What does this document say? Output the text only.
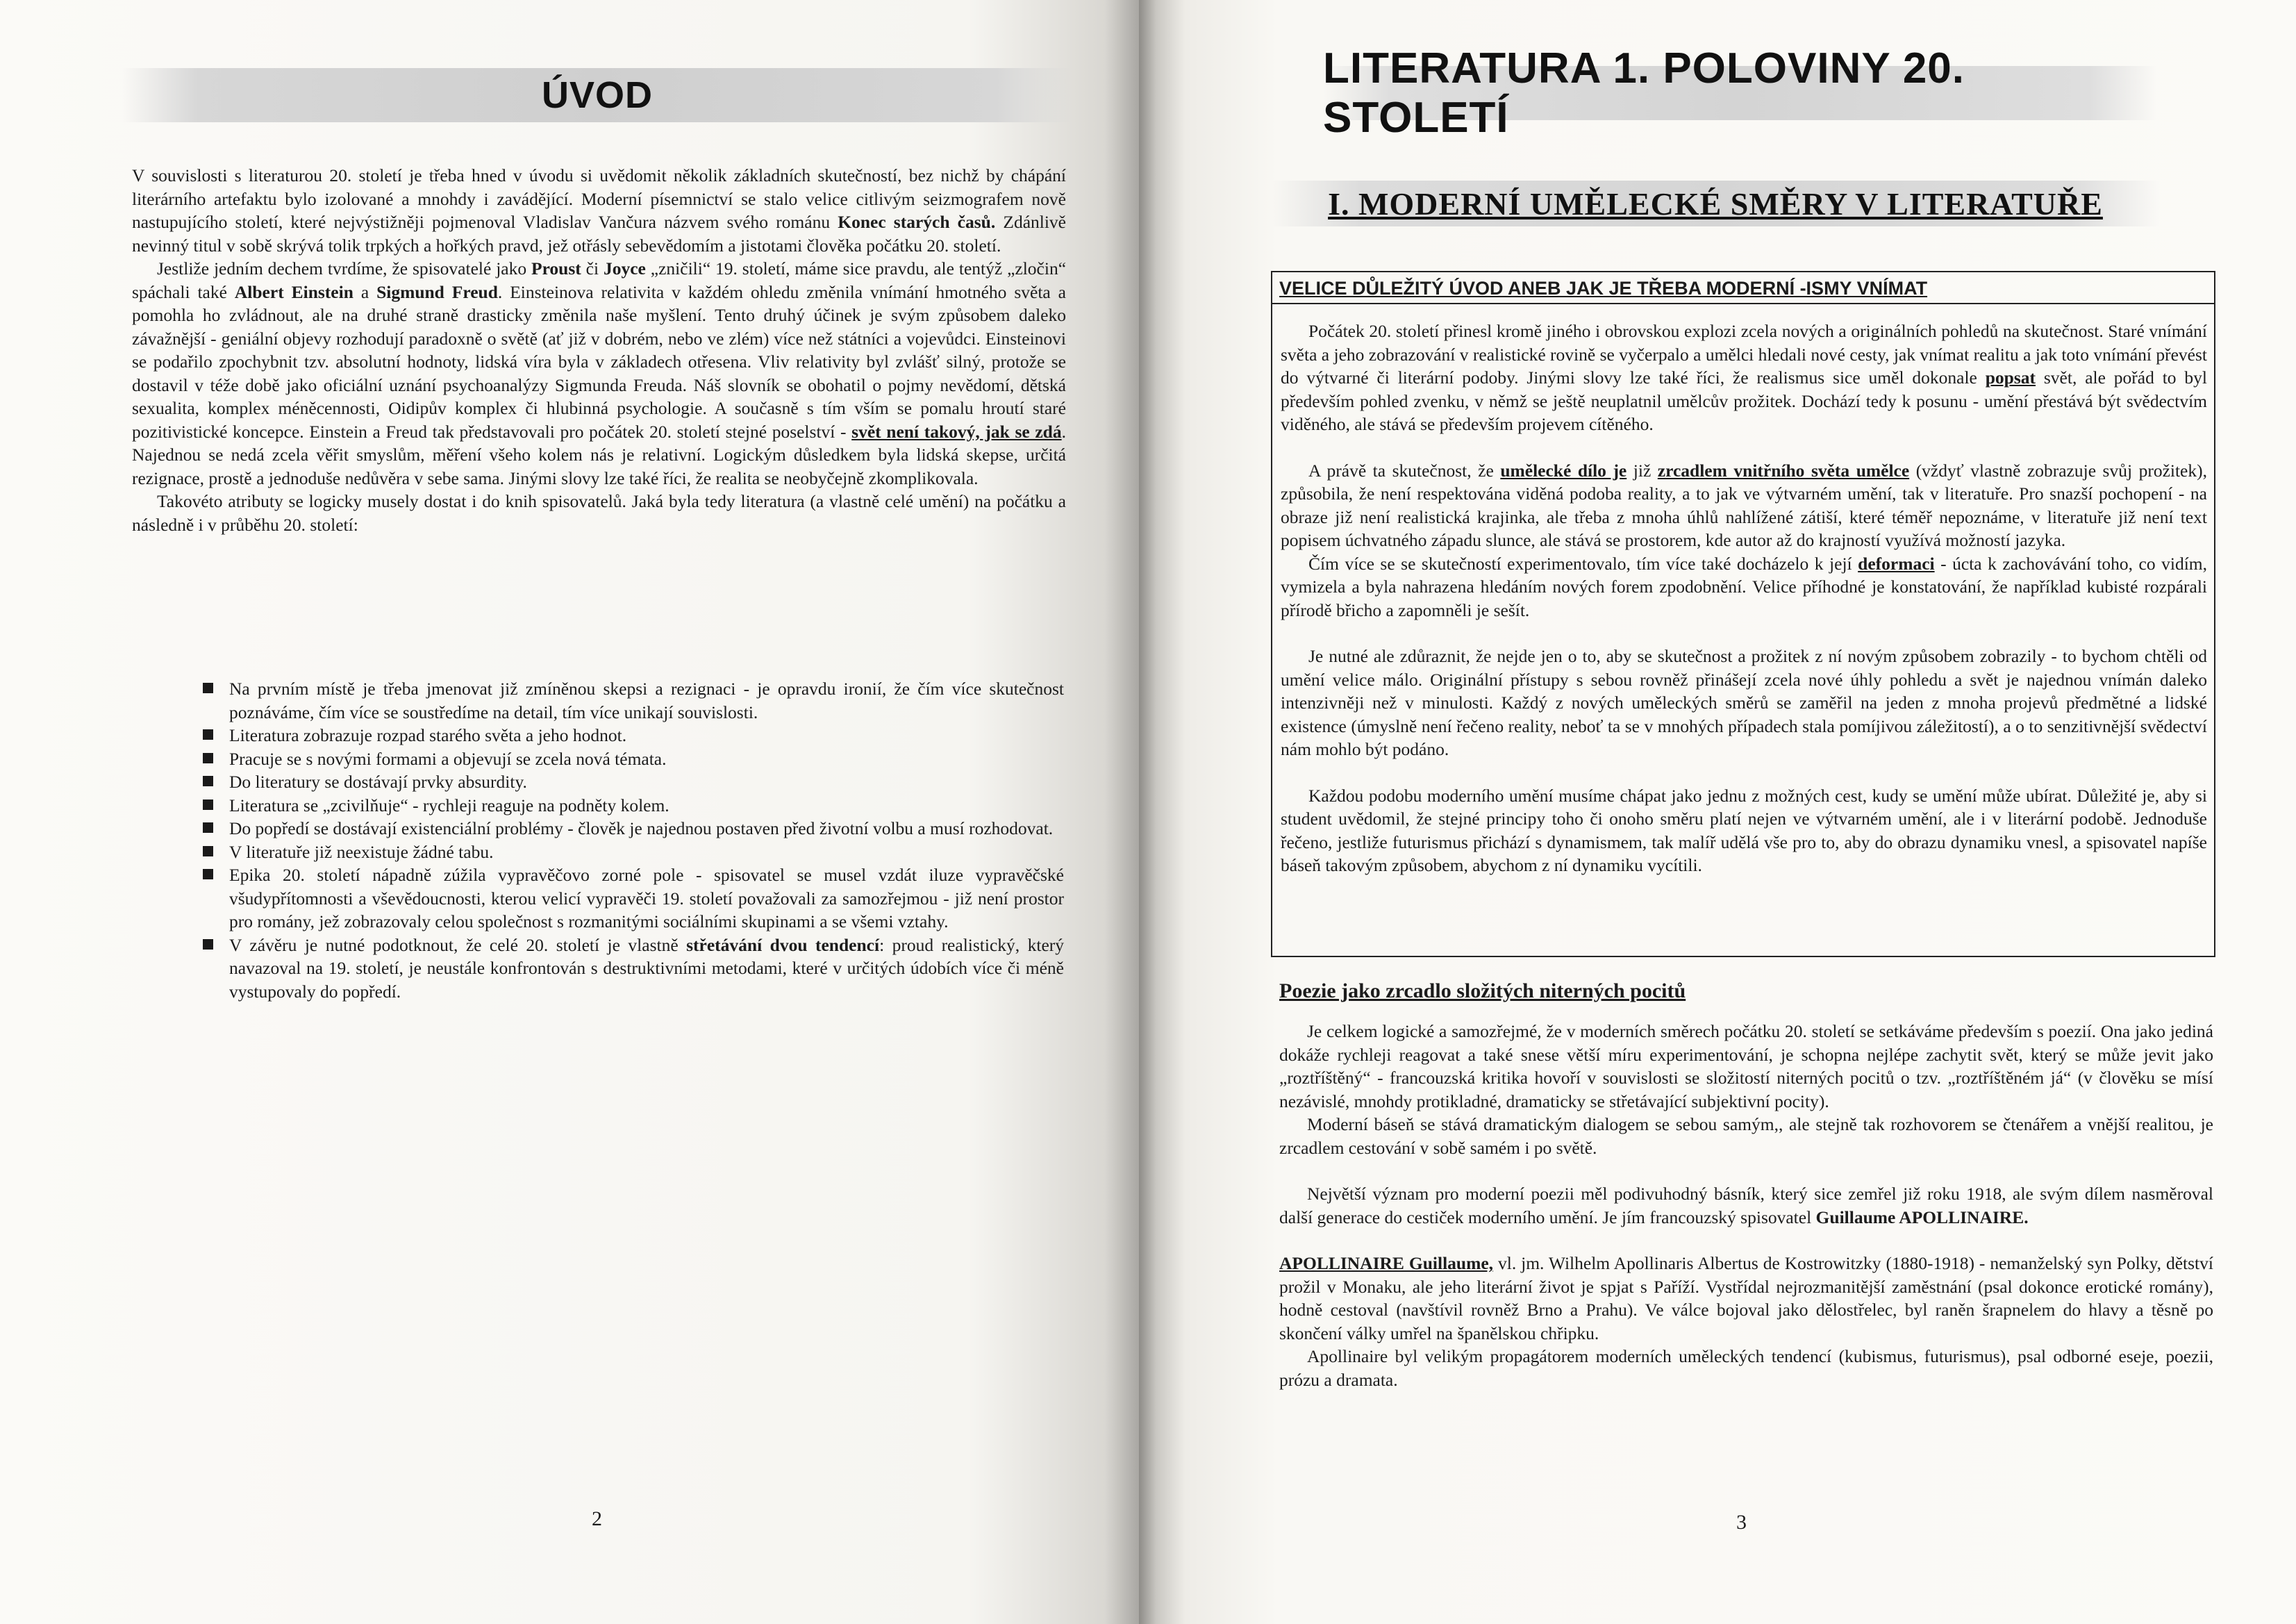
ÚVOD

V souvislosti s literaturou 20. století je třeba hned v úvodu si uvědomit několik základních skutečností, bez nichž by chápání literárního artefaktu bylo izolované a mnohdy i zavádějící. Moderní písemnictví se stalo velice citlivým seizmografem nově nastupujícího století, které nejvýstižněji pojmenoval Vladislav Vančura názvem svého románu Konec starých časů. Zdánlivě nevinný titul v sobě skrývá tolik trpkých a hořkých pravd, jež otřásly sebevědomím a jistotami člověka počátku 20. století.

Jestliže jedním dechem tvrdíme, že spisovatelé jako Proust či Joyce „zničili“ 19. století, máme sice pravdu, ale tentýž „zločin“ spáchali také Albert Einstein a Sigmund Freud. Einsteinova relativita v každém ohledu změnila vnímání hmotného světa a pomohla ho zvládnout, ale na druhé straně drasticky změnila naše myšlení. Tento druhý účinek je svým způsobem daleko závažnější - geniální objevy rozhodují paradoxně o světě (ať již v dobrém, nebo ve zlém) více než státníci a vojevůdci. Einsteinovi se podařilo zpochybnit tzv. absolutní hodnoty, lidská víra byla v základech otřesena. Vliv relativity byl zvlášť silný, protože se dostavil v téže době jako oficiální uznání psychoanalýzy Sigmunda Freuda. Náš slovník se obohatil o pojmy nevědomí, dětská sexualita, komplex méněcennosti, Oidipův komplex či hlubinná psychologie. A současně s tím vším se pomalu hroutí staré pozitivistické koncepce. Einstein a Freud tak představovali pro počátek 20. století stejné poselství - svět není takový, jak se zdá. Najednou se nedá zcela věřit smyslům, měření všeho kolem nás je relativní. Logickým důsledkem byla lidská skepse, určitá rezignace, prostě a jednoduše nedůvěra v sebe sama. Jinými slovy lze také říci, že realita se neobyčejně zkomplikovala.

Takovéto atributy se logicky musely dostat i do knih spisovatelů. Jaká byla tedy literatura (a vlastně celé umění) na počátku a následně i v průběhu 20. století:

Na prvním místě je třeba jmenovat již zmíněnou skepsi a rezignaci - je opravdu ironií, že čím více skutečnost poznáváme, čím více se soustředíme na detail, tím více unikají souvislosti.
Literatura zobrazuje rozpad starého světa a jeho hodnot.
Pracuje se s novými formami a objevují se zcela nová témata.
Do literatury se dostávají prvky absurdity.
Literatura se „zcivilňuje“ - rychleji reaguje na podněty kolem.
Do popředí se dostávají existenciální problémy - člověk je najednou postaven před životní volbu a musí rozhodovat.
V literatuře již neexistuje žádné tabu.
Epika 20. století nápadně zúžila vypravěčovo zorné pole - spisovatel se musel vzdát iluze vypravěčské všudypřítomnosti a vševědoucnosti, kterou velicí vypravěči 19. století považovali za samozřejmou - již není prostor pro romány, jež zobrazovaly celou společnost s rozmanitými sociálními skupinami a se všemi vztahy.
V závěru je nutné podotknout, že celé 20. století je vlastně střetávání dvou tendencí: proud realistický, který navazoval na 19. století, je neustále konfrontován s destruktivními metodami, které v určitých údobích více či méně vystupovaly do popředí.
2
LITERATURA 1. POLOVINY 20. STOLETÍ
I. MODERNÍ UMĚLECKÉ SMĚRY V LITERATUŘE
VELICE DŮLEŽITÝ ÚVOD ANEB JAK JE TŘEBA MODERNÍ -ISMY VNÍMAT

Počátek 20. století přinesl kromě jiného i obrovskou explozi zcela nových a originálních pohledů na skutečnost. Staré vnímání světa a jeho zobrazování v realistické rovině se vyčerpalo a umělci hledali nové cesty, jak vnímat realitu a jak toto vnímání převést do výtvarné či literární podoby. Jinými slovy lze také říci, že realismus sice uměl dokonale popsat svět, ale pořád to byl především pohled zvenku, v němž se ještě neuplatnil umělcův prožitek. Dochází tedy k posunu - umění přestává být svědectvím viděného, ale stává se především projevem cítěného.

A právě ta skutečnost, že umělecké dílo je již zrcadlem vnitřního světa umělce (vždyť vlastně zobrazuje svůj prožitek), způsobila, že není respektována viděná podoba reality, a to jak ve výtvarném umění, tak v literatuře. Pro snazší pochopení - na obraze již není realistická krajinka, ale třeba z mnoha úhlů nahlížené zátiší, které téměř nepoznáme, v literatuře již není text popisem úchvatného západu slunce, ale stává se prostorem, kde autor až do krajností využívá možností jazyka.

Čím více se se skutečností experimentovalo, tím více také docházelo k její deformaci - úcta k zachovávání toho, co vidím, vymizela a byla nahrazena hledáním nových forem zpodobnění. Velice příhodné je konstatování, že například kubisté rozpárali přírodě břicho a zapomněli je sešít.

Je nutné ale zdůraznit, že nejde jen o to, aby se skutečnost a prožitek z ní novým způsobem zobrazily - to bychom chtěli od umění velice málo. Originální přístupy s sebou rovněž přinášejí zcela nové úhly pohledu a svět je najednou vnímán daleko intenzivněji než v minulosti. Každý z nových uměleckých směrů se zaměřil na jeden z mnoha projevů předmětné a lidské existence (úmyslně není řečeno reality, neboť ta se v mnohých případech stala pomíjivou záležitostí), a o to senzitivnější svědectví nám mohlo být podáno.

Každou podobu moderního umění musíme chápat jako jednu z možných cest, kudy se umění může ubírat. Důležité je, aby si student uvědomil, že stejné principy toho či onoho směru platí nejen ve výtvarném umění, ale i v literární podobě. Jednoduše řečeno, jestliže futurismus přichází s dynamismem, tak malíř udělá vše pro to, aby do obrazu dynamiku vnesl, a spisovatel napíše báseň takovým způsobem, abychom z ní dynamiku vycítili.

Poezie jako zrcadlo složitých niterných pocitů

Je celkem logické a samozřejmé, že v moderních směrech počátku 20. století se setkáváme především s poezií. Ona jako jediná dokáže rychleji reagovat a také snese větší míru experimentování, je schopna nejlépe zachytit svět, který se může jevit jako „roztříštěný“ - francouzská kritika hovoří v souvislosti se složitostí niterných pocitů o tzv. „roztříštěném já“ (v člověku se mísí nezávislé, mnohdy protikladné, dramaticky se střetávající subjektivní pocity).

Moderní báseň se stává dramatickým dialogem se sebou samým,, ale stejně tak rozhovorem se čtenářem a vnější realitou, je zrcadlem cestování v sobě samém i po světě.

Největší význam pro moderní poezii měl podivuhodný básník, který sice zemřel již roku 1918, ale svým dílem nasměroval další generace do cestiček moderního umění. Je jím francouzský spisovatel Guillaume APOLLINAIRE.

APOLLINAIRE Guillaume, vl. jm. Wilhelm Apollinaris Albertus de Kostrowitzky (1880-1918) - nemanželský syn Polky, dětství prožil v Monaku, ale jeho literární život je spjat s Paříží. Vystřídal nejrozmanitější zaměstnání (psal dokonce erotické romány), hodně cestoval (navštívil rovněž Brno a Prahu). Ve válce bojoval jako dělostřelec, byl raněn šrapnelem do hlavy a těsně po skončení války umřel na španělskou chřipku.

Apollinaire byl velikým propagátorem moderních uměleckých tendencí (kubismus, futurismus), psal odborné eseje, poezii, prózu a dramata.

3
